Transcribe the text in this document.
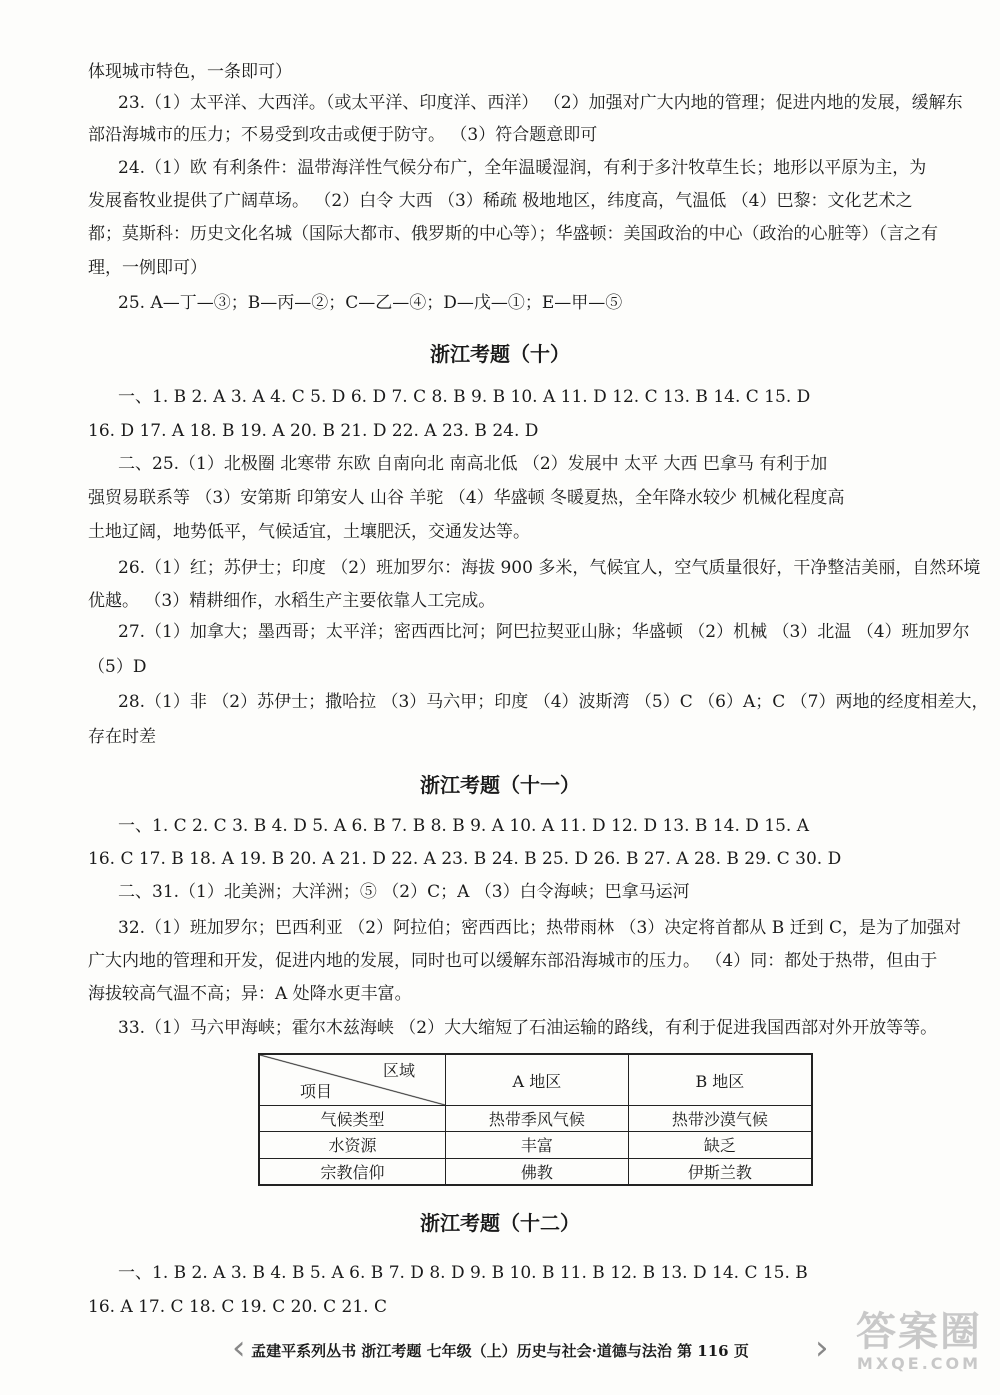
体现城市特色，一条即可）
23.（1）太平洋、大西洋。（或太平洋、印度洋、西洋） （2）加强对广大内地的管理；促进内地的发展，缓解东
部沿海城市的压力；不易受到攻击或便于防守。 （3）符合题意即可
24.（1）欧 有利条件：温带海洋性气候分布广，全年温暖湿润，有利于多汁牧草生长；地形以平原为主，为
发展畜牧业提供了广阔草场。 （2）白令 大西 （3）稀疏 极地地区，纬度高，气温低 （4）巴黎：文化艺术之
都；莫斯科：历史文化名城（国际大都市、俄罗斯的中心等）；华盛顿：美国政治的中心（政治的心脏等）（言之有
理，一例即可）
25. A—丁—③；B—丙—②；C—乙—④；D—戊—①；E—甲—⑤
浙江考题（十）
一、1. B 2. A 3. A 4. C 5. D 6. D 7. C 8. B 9. B 10. A 11. D 12. C 13. B 14. C 15. D
16. D 17. A 18. B 19. A 20. B 21. D 22. A 23. B 24. D
二、25.（1）北极圈 北寒带 东欧 自南向北 南高北低 （2）发展中 太平 大西 巴拿马 有利于加
强贸易联系等 （3）安第斯 印第安人 山谷 羊驼 （4）华盛顿 冬暖夏热，全年降水较少 机械化程度高
土地辽阔，地势低平，气候适宜，土壤肥沃，交通发达等。
26.（1）红；苏伊士；印度 （2）班加罗尔：海拔 900 多米，气候宜人，空气质量很好，干净整洁美丽，自然环境
优越。 （3）精耕细作，水稻生产主要依靠人工完成。
27.（1）加拿大；墨西哥；太平洋；密西西比河；阿巴拉契亚山脉；华盛顿 （2）机械 （3）北温 （4）班加罗尔
（5）D
28.（1）非 （2）苏伊士；撒哈拉 （3）马六甲；印度 （4）波斯湾 （5）C （6）A；C （7）两地的经度相差大，
存在时差
浙江考题（十一）
一、1. C 2. C 3. B 4. D 5. A 6. B 7. B 8. B 9. A 10. A 11. D 12. D 13. B 14. D 15. A
16. C 17. B 18. A 19. B 20. A 21. D 22. A 23. B 24. B 25. D 26. B 27. A 28. B 29. C 30. D
二、31.（1）北美洲；大洋洲；⑤ （2）C；A （3）白令海峡；巴拿马运河
32.（1）班加罗尔；巴西利亚 （2）阿拉伯；密西西比；热带雨林 （3）决定将首都从 B 迁到 C，是为了加强对
广大内地的管理和开发，促进内地的发展，同时也可以缓解东部沿海城市的压力。 （4）同：都处于热带，但由于
海拔较高气温不高；异：A 处降水更丰富。
33.（1）马六甲海峡；霍尔木兹海峡 （2）大大缩短了石油运输的路线，有利于促进我国西部对外开放等等。
区域
项目	A 地区	B 地区
气候类型	热带季风气候	热带沙漠气候
水资源	丰富	缺乏
宗教信仰	佛教	伊斯兰教
浙江考题（十二）
一、1. B 2. A 3. B 4. B 5. A 6. B 7. D 8. D 9. B 10. B 11. B 12. B 13. D 14. C 15. B
16. A 17. C 18. C 19. C 20. C 21. C
‹ 孟建平系列丛书 浙江考题 七年级（上）历史与社会·道德与法治 第 116 页	› 答案圈
MXQE.COM
